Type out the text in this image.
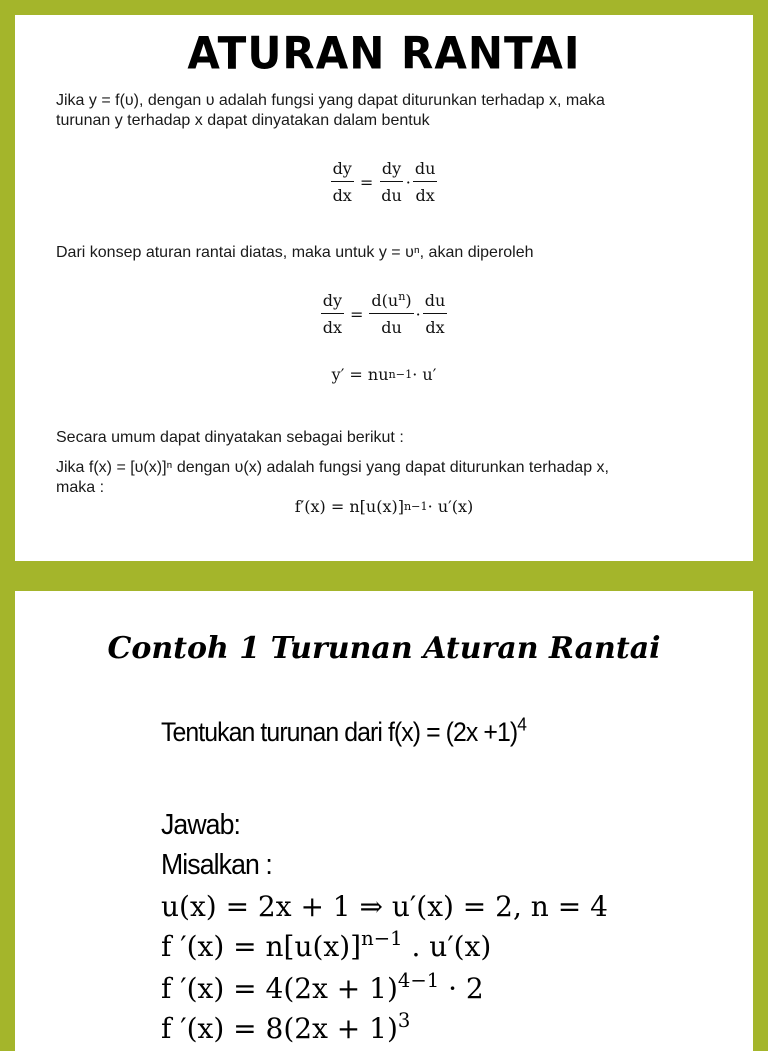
ATURAN RANTAI
Jika y = f(υ), dengan υ adalah fungsi yang dapat diturunkan terhadap x, maka
turunan y terhadap x dapat dinyatakan dalam bentuk
$\frac{dy}{dx} = \frac{dy}{du} \cdot \frac{du}{dx}$
Dari konsep aturan rantai diatas, maka untuk y = υⁿ, akan diperoleh
$\frac{dy}{dx} = \frac{d(u^n)}{du} \cdot \frac{du}{dx}$
y′ = nu n−1 · u′
Secara umum dapat dinyatakan sebagai berikut :
Jika f(x) = [υ(x)]ⁿ dengan υ(x) adalah fungsi yang dapat diturunkan terhadap x,
maka :
f′(x) = n[u(x)] n−1 · u′(x)
Contoh 1 Turunan Aturan Rantai
Tentukan turunan dari $f(x) = (2x +1)^4$
Jawab:
Misalkan :
u(x) = 2x + 1 ⇒ u′(x) = 2, n = 4
f $'(x) = n[u(x)]^{n-1}$ . u′(x)
f $'(x) = 4(2x + 1)^{4-1} \cdot 2$
f $'(x) = 8(2x + 1)^3$
